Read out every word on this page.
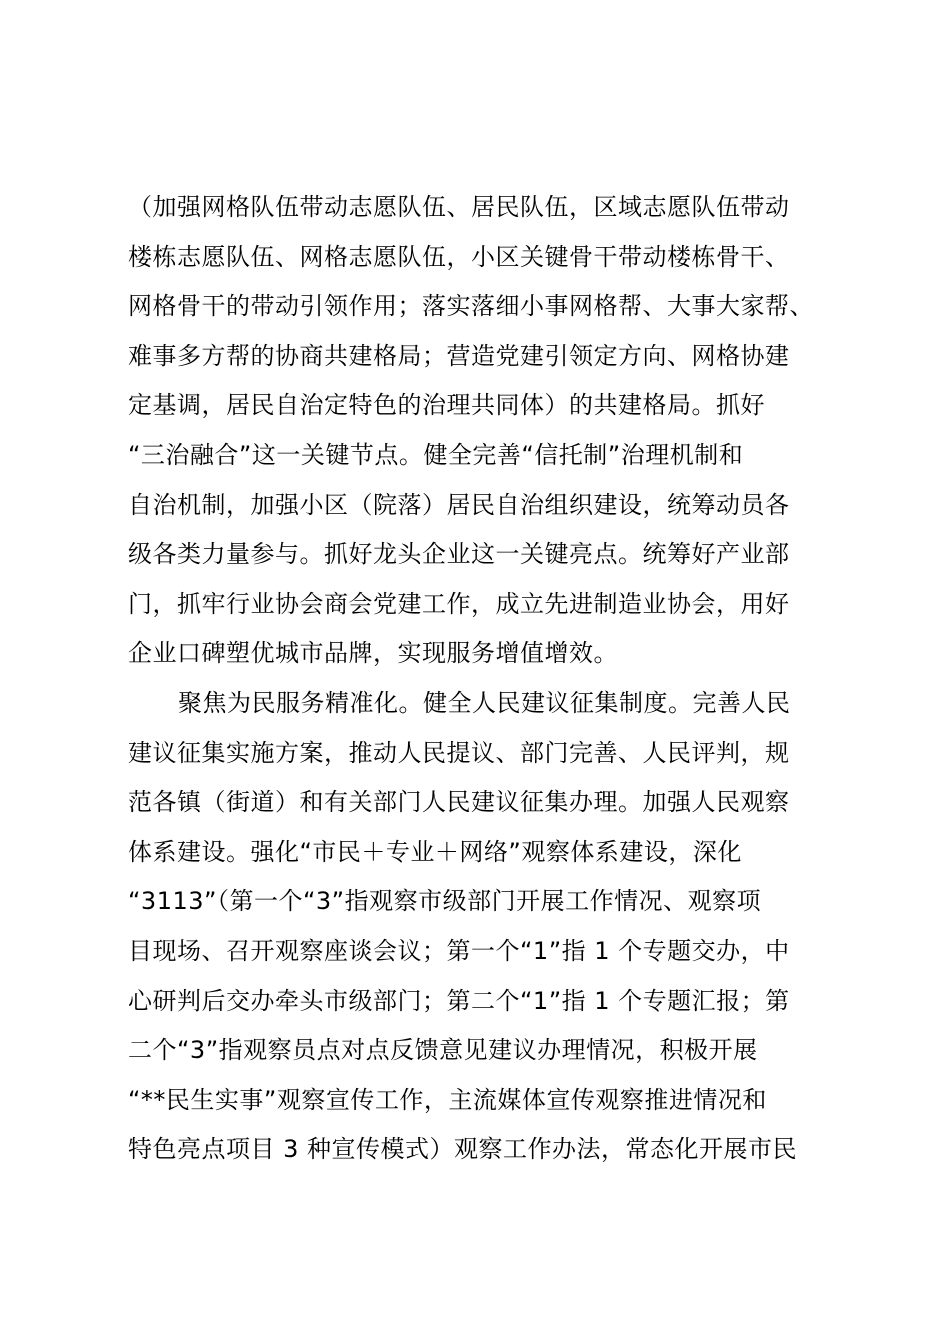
（加强网格队伍带动志愿队伍、居民队伍，区域志愿队伍带动

楼栋志愿队伍、网格志愿队伍，小区关键骨干带动楼栋骨干、

网格骨干的带动引领作用；落实落细小事网格帮、大事大家帮、

难事多方帮的协商共建格局；营造党建引领定方向、网格协建

定基调，居民自治定特色的治理共同体）的共建格局。抓好

“三治融合”这一关键节点。健全完善“信托制”治理机制和

自治机制，加强小区（院落）居民自治组织建设，统筹动员各

级各类力量参与。抓好龙头企业这一关键亮点。统筹好产业部

门，抓牢行业协会商会党建工作，成立先进制造业协会，用好

企业口碑塑优城市品牌，实现服务增值增效。

聚焦为民服务精准化。健全人民建议征集制度。完善人民

建议征集实施方案，推动人民提议、部门完善、人民评判，规

范各镇（街道）和有关部门人民建议征集办理。加强人民观察

体系建设。强化“市民＋专业＋网络”观察体系建设，深化

“3113”（第一个“3”指观察市级部门开展工作情况、观察项

目现场、召开观察座谈会议；第一个“1”指 1 个专题交办，中

心研判后交办牵头市级部门；第二个“1”指 1 个专题汇报；第

二个“3”指观察员点对点反馈意见建议办理情况，积极开展

“**民生实事”观察宣传工作，主流媒体宣传观察推进情况和

特色亮点项目 3 种宣传模式）观察工作办法，常态化开展市民
